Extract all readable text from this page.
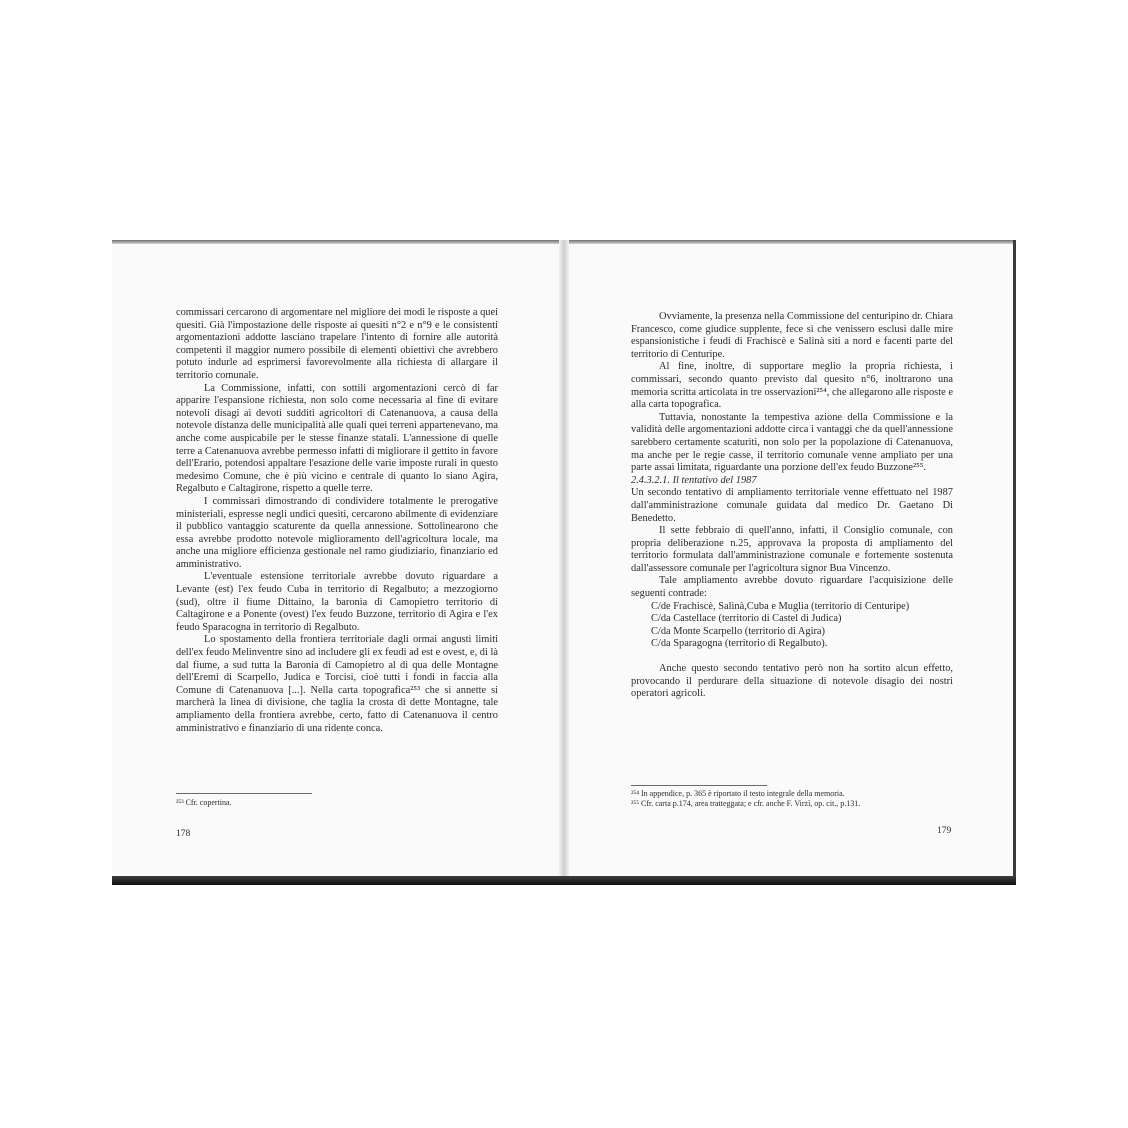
commissari cercarono di argomentare nel migliore dei modi le risposte a quei quesiti. Già l'impostazione delle risposte ai quesiti n°2 e n°9 e le consistenti argomentazioni addotte lasciano trapelare l'intento di fornire alle autorità competenti il maggior numero possibile di elementi obiettivi che avrebbero potuto indurle ad esprimersi favorevolmente alla richiesta di allargare il territorio comunale.

La Commissione, infatti, con sottili argomentazioni cercò di far apparire l'espansione richiesta, non solo come necessaria al fine di evitare notevoli disagi ai devoti sudditi agricoltori di Catenanuova, a causa della notevole distanza delle municipalità alle quali quei terreni appartenevano, ma anche come auspicabile per le stesse finanze statali. L'annessione di quelle terre a Catenanuova avrebbe permesso infatti di migliorare il gettito in favore dell'Erario, potendosi appaltare l'esazione delle varie imposte rurali in questo medesimo Comune, che è più vicino e centrale di quanto lo siano Agira, Regalbuto e Caltagirone, rispetto a quelle terre.

I commissari dimostrando di condividere totalmente le prerogative ministeriali, espresse negli undici quesiti, cercarono abilmente di evidenziare il pubblico vantaggio scaturente da quella annessione. Sottolinearono che essa avrebbe prodotto notevole miglioramento dell'agricoltura locale, ma anche una migliore efficienza gestionale nel ramo giudiziario, finanziario ed amministrativo.

L'eventuale estensione territoriale avrebbe dovuto riguardare a Levante (est) l'ex feudo Cuba in territorio di Regalbuto; a mezzogiorno (sud), oltre il fiume Dittaino, la baronia di Camopietro territorio di Caltagirone e a Ponente (ovest) l'ex feudo Buzzone, territorio di Agira e l'ex feudo Sparacogna in territorio di Regalbuto.

Lo spostamento della frontiera territoriale dagli ormai angusti limiti dell'ex feudo Melinventre sino ad includere gli ex feudi ad est e ovest, e, di là dal fiume, a sud tutta la Baronia di Camopietro al di qua delle Montagne dell'Eremi di Scarpello, Judica e Torcisi, cioè tutti i fondi in faccia alla Comune di Catenanuova [...]. Nella carta topografica²⁵³ che si annette si marcherà la linea di divisione, che taglia la crosta di dette Montagne, tale ampliamento della frontiera avrebbe, certo, fatto di Catenanuova il centro amministrativo e finanziario di una ridente conca.

²⁵³ Cfr. copertina.
178

Ovviamente, la presenza nella Commissione del centuripino dr. Chiara Francesco, come giudice supplente, fece sì che venissero esclusi dalle mire espansionistiche i feudi di Frachiscè e Salinà siti a nord e facenti parte del territorio di Centuripe.

Al fine, inoltre, di supportare meglio la propria richiesta, i commissari, secondo quanto previsto dal quesito n°6, inoltrarono una memoria scritta articolata in tre osservazioni²⁵⁴, che allegarono alle risposte e alla carta topografica.

Tuttavia, nonostante la tempestiva azione della Commissione e la validità delle argomentazioni addotte circa i vantaggi che da quell'annessione sarebbero certamente scaturiti, non solo per la popolazione di Catenanuova, ma anche per le regie casse, il territorio comunale venne ampliato per una parte assai limitata, riguardante una porzione dell'ex feudo Buzzone²⁵⁵.

2.4.3.2.1. Il tentativo del 1987

Un secondo tentativo di ampliamento territoriale venne effettuato nel 1987 dall'amministrazione comunale guidata dal medico Dr. Gaetano Di Benedetto.

Il sette febbraio di quell'anno, infatti, il Consiglio comunale, con propria deliberazione n.25, approvava la proposta di ampliamento del territorio formulata dall'amministrazione comunale e fortemente sostenuta dall'assessore comunale per l'agricoltura signor Bua Vincenzo.

Tale ampliamento avrebbe dovuto riguardare l'acquisizione delle seguenti contrade:

C/de Frachiscè, Salinà,Cuba e Muglia (territorio di Centuripe)
C/da Castellace (territorio di Castel di Judica)
C/da Monte Scarpello (territorio di Agira)
C/da Sparagogna (territorio di Regalbuto).

Anche questo secondo tentativo però non ha sortito alcun effetto, provocando il perdurare della situazione di notevole disagio dei nostri operatori agricoli.

²⁵⁴ In appendice, p. 365 è riportato il testo integrale della memoria.
²⁵⁵ Cfr. carta p.174, area tratteggata; e cfr. anche F. Virzì, op. cit., p.131.
179
